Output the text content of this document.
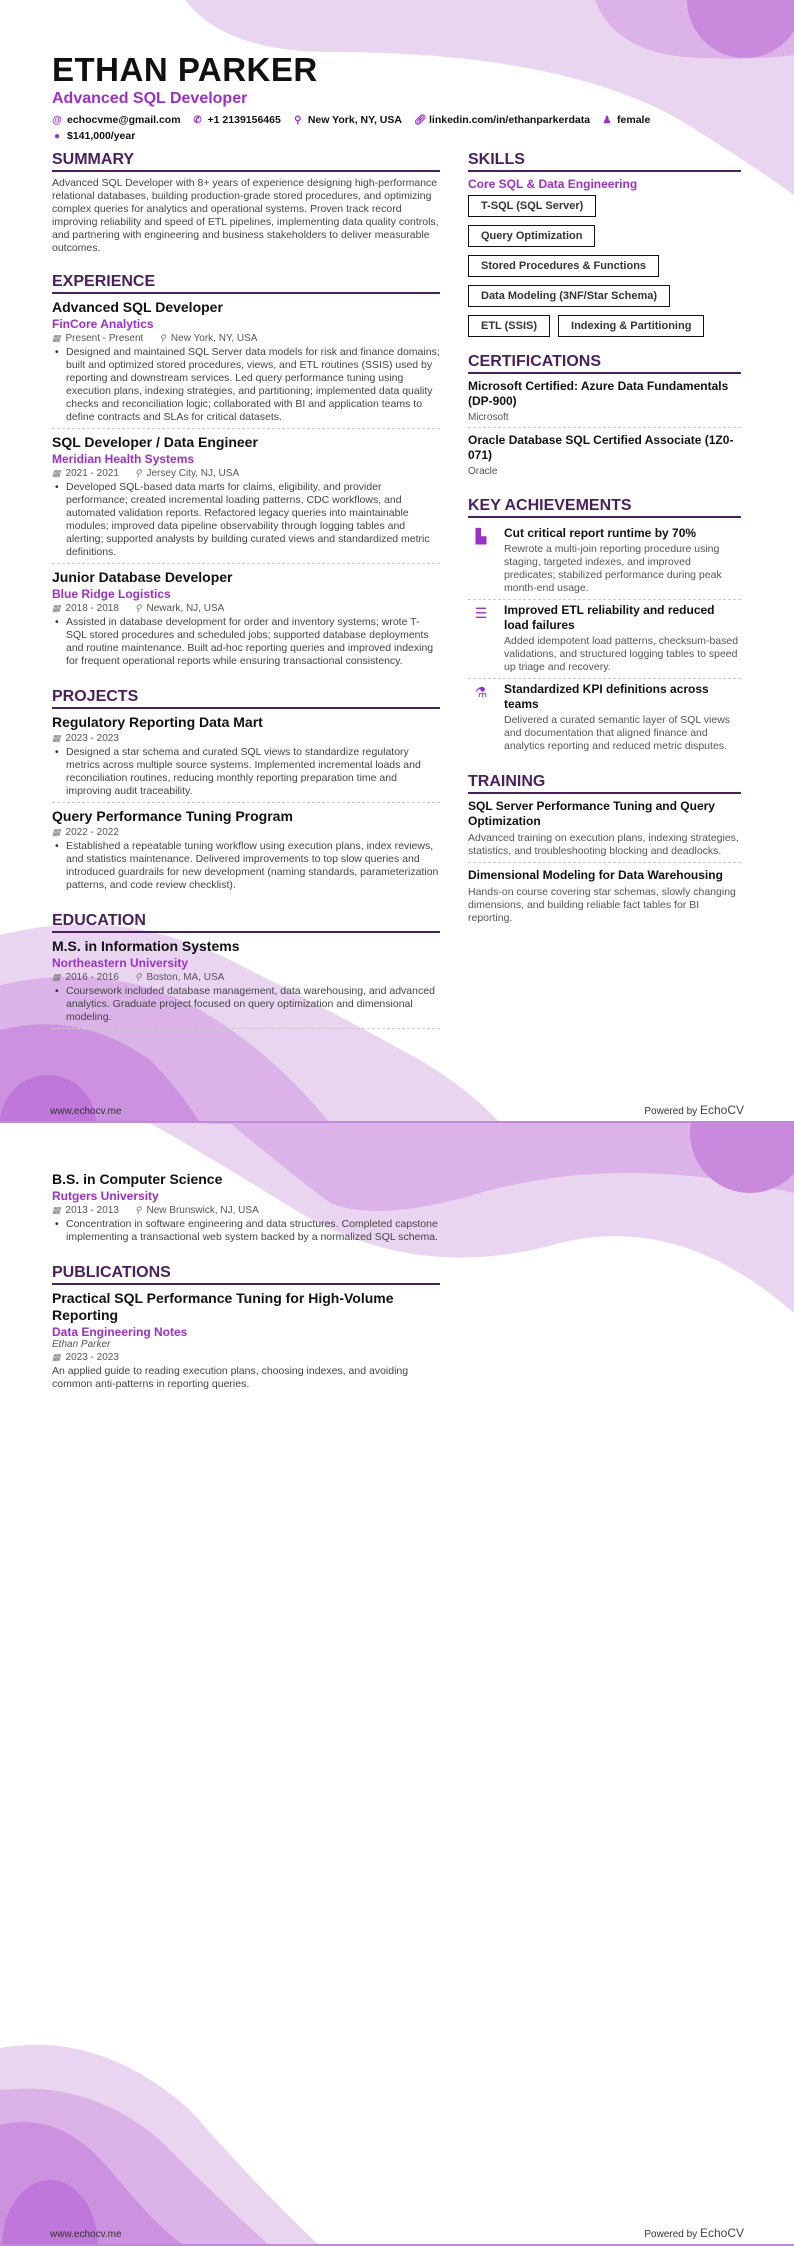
ETHAN PARKER
Advanced SQL Developer
@ echocvme@gmail.com ✆ +1 2139156465 ⚲ New York, NY, USA 🔗︎ linkedin.com/in/ethanparkerdata ♟ female
● $141,000/year
SUMMARY
Advanced SQL Developer with 8+ years of experience designing high-performance relational databases, building production-grade stored procedures, and optimizing complex queries for analytics and operational systems. Proven track record improving reliability and speed of ETL pipelines, implementing data quality controls, and partnering with engineering and business stakeholders to deliver measurable outcomes.
EXPERIENCE
Advanced SQL Developer
FinCore Analytics
▦ Present - Present ⚲ New York, NY, USA
• Designed and maintained SQL Server data models for risk and finance domains; built and optimized stored procedures, views, and ETL routines (SSIS) used by reporting and downstream services. Led query performance tuning using execution plans, indexing strategies, and partitioning; implemented data quality checks and reconciliation logic; collaborated with BI and application teams to define contracts and SLAs for critical datasets.
SQL Developer / Data Engineer
Meridian Health Systems
▦ 2021 - 2021 ⚲ Jersey City, NJ, USA
• Developed SQL-based data marts for claims, eligibility, and provider performance; created incremental loading patterns, CDC workflows, and automated validation reports. Refactored legacy queries into maintainable modules; improved data pipeline observability through logging tables and alerting; supported analysts by building curated views and standardized metric definitions.
Junior Database Developer
Blue Ridge Logistics
▦ 2018 - 2018 ⚲ Newark, NJ, USA
• Assisted in database development for order and inventory systems; wrote T-SQL stored procedures and scheduled jobs; supported database deployments and routine maintenance. Built ad-hoc reporting queries and improved indexing for frequent operational reports while ensuring transactional consistency.
PROJECTS
Regulatory Reporting Data Mart
▦ 2023 - 2023
• Designed a star schema and curated SQL views to standardize regulatory metrics across multiple source systems. Implemented incremental loads and reconciliation routines, reducing monthly reporting preparation time and improving audit traceability.
Query Performance Tuning Program
▦ 2022 - 2022
• Established a repeatable tuning workflow using execution plans, index reviews, and statistics maintenance. Delivered improvements to top slow queries and introduced guardrails for new development (naming standards, parameterization patterns, and code review checklist).
EDUCATION
M.S. in Information Systems
Northeastern University
▦ 2016 - 2016 ⚲ Boston, MA, USA
• Coursework included database management, data warehousing, and advanced analytics. Graduate project focused on query optimization and dimensional modeling.
SKILLS
Core SQL & Data Engineering
T-SQL (SQL Server)
Query Optimization
Stored Procedures & Functions
Data Modeling (3NF/Star Schema)
ETL (SSIS)	Indexing & Partitioning
CERTIFICATIONS
Microsoft Certified: Azure Data Fundamentals (DP-900)
Microsoft
Oracle Database SQL Certified Associate (1Z0-071)
Oracle
KEY ACHIEVEMENTS
▙	Cut critical report runtime by 70%
Rewrote a multi-join reporting procedure using staging, targeted indexes, and improved predicates; stabilized performance during peak month-end usage.
☰	Improved ETL reliability and reduced load failures
Added idempotent load patterns, checksum-based validations, and structured logging tables to speed up triage and recovery.
⚗	Standardized KPI definitions across teams
Delivered a curated semantic layer of SQL views and documentation that aligned finance and analytics reporting and reduced metric disputes.
TRAINING
SQL Server Performance Tuning and Query Optimization
Advanced training on execution plans, indexing strategies, statistics, and troubleshooting blocking and deadlocks.
Dimensional Modeling for Data Warehousing
Hands-on course covering star schemas, slowly changing dimensions, and building reliable fact tables for BI reporting.
www.echocv.me	Powered by EchoCV
B.S. in Computer Science
Rutgers University
▦ 2013 - 2013 ⚲ New Brunswick, NJ, USA
• Concentration in software engineering and data structures. Completed capstone implementing a transactional web system backed by a normalized SQL schema.
PUBLICATIONS
Practical SQL Performance Tuning for High-Volume Reporting
Data Engineering Notes
Ethan Parker
▦ 2023 - 2023
An applied guide to reading execution plans, choosing indexes, and avoiding common anti-patterns in reporting queries.
www.echocv.me	Powered by EchoCV
